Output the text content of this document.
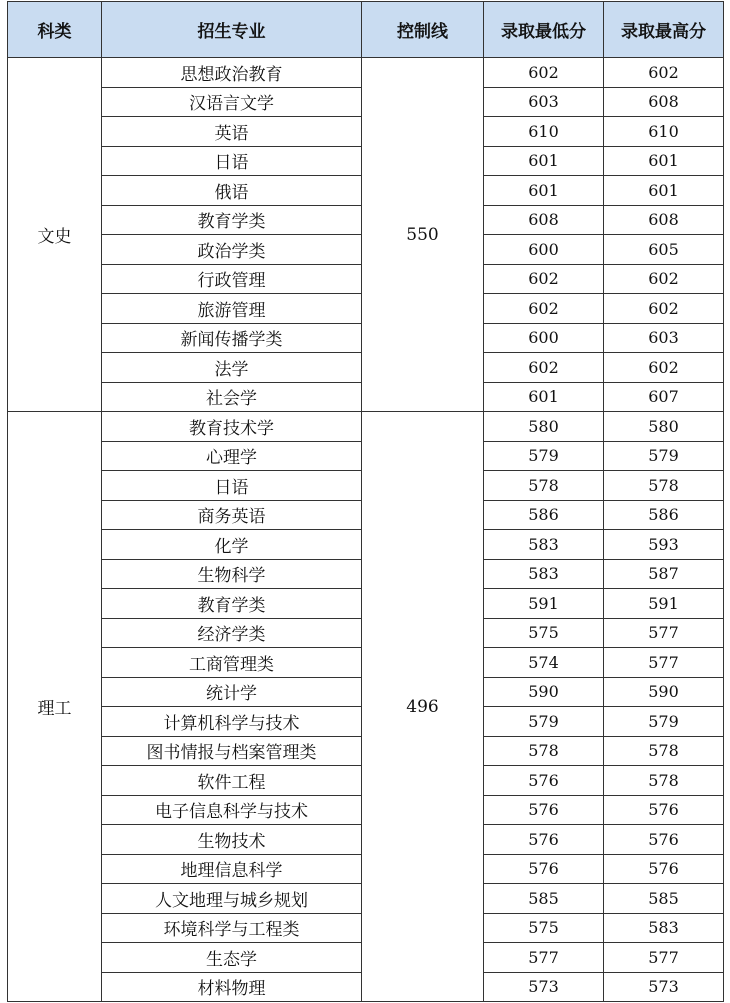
科类	招生专业	控制线	录取最低分	录取最高分
文史	思想政治教育	550	602	602
	汉语言文学		603	608
	英语		610	610
	日语		601	601
	俄语		601	601
	教育学类		608	608
	政治学类		600	605
	行政管理		602	602
	旅游管理		602	602
	新闻传播学类		600	603
	法学		602	602
	社会学		601	607
理工	教育技术学	496	580	580
	心理学		579	579
	日语		578	578
	商务英语		586	586
	化学		583	593
	生物科学		583	587
	教育学类		591	591
	经济学类		575	577
	工商管理类		574	577
	统计学		590	590
	计算机科学与技术		579	579
	图书情报与档案管理类		578	578
	软件工程		576	578
	电子信息科学与技术		576	576
	生物技术		576	576
	地理信息科学		576	576
	人文地理与城乡规划		585	585
	环境科学与工程类		575	583
	生态学		577	577
	材料物理		573	573
